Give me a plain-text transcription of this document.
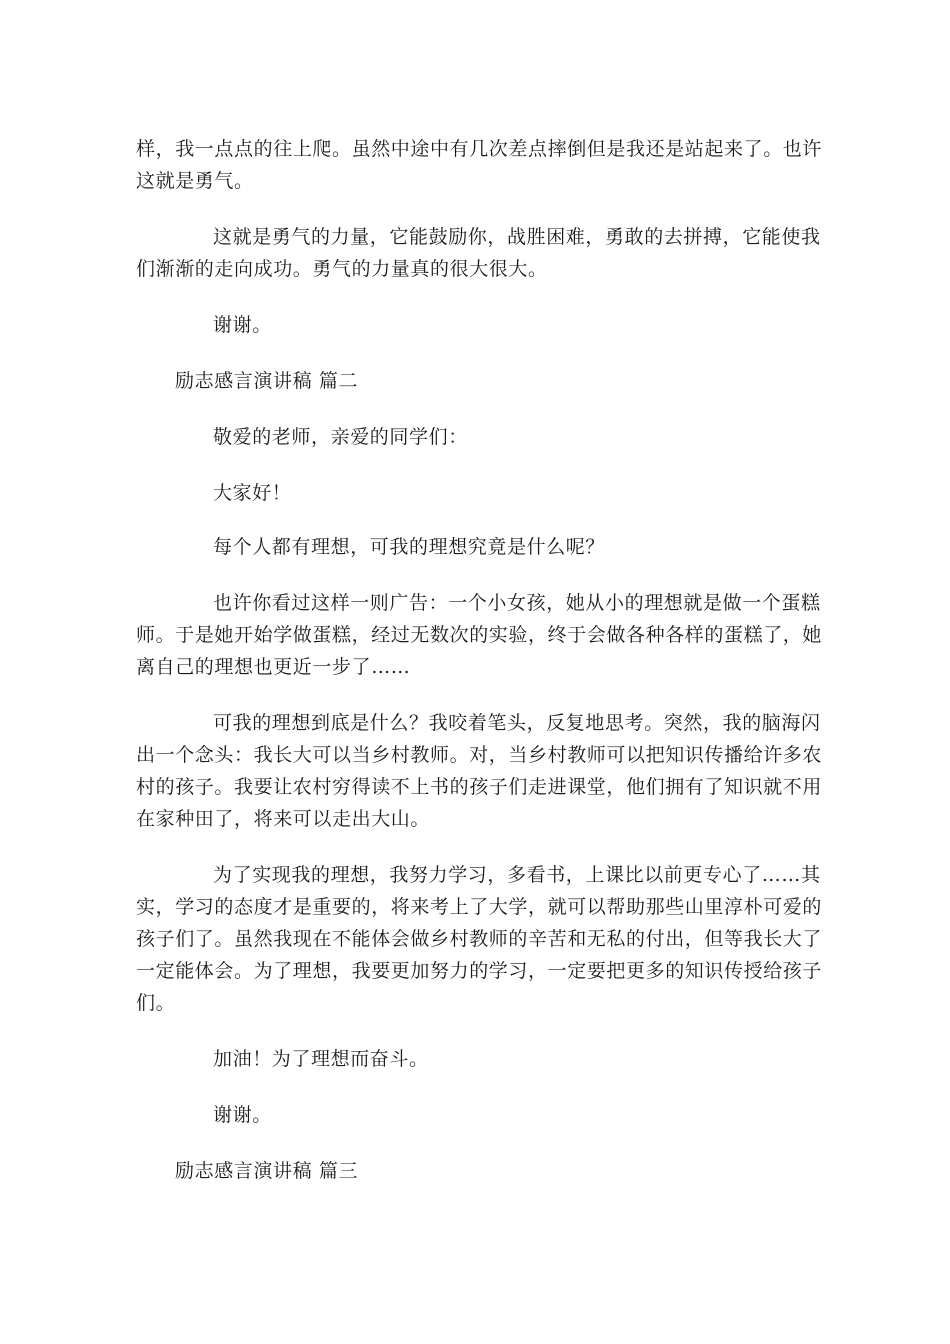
样，我一点点的往上爬。虽然中途中有几次差点摔倒但是我还是站起来了。也许
这就是勇气。
这就是勇气的力量，它能鼓励你，战胜困难，勇敢的去拼搏，它能使我
们渐渐的走向成功。勇气的力量真的很大很大。
谢谢。
励志感言演讲稿 篇二
敬爱的老师，亲爱的同学们：
大家好！
每个人都有理想，可我的理想究竟是什么呢？
也许你看过这样一则广告：一个小女孩，她从小的理想就是做一个蛋糕
师。于是她开始学做蛋糕，经过无数次的实验，终于会做各种各样的蛋糕了，她
离自己的理想也更近一步了……
可我的理想到底是什么？我咬着笔头，反复地思考。突然，我的脑海闪
出一个念头：我长大可以当乡村教师。对，当乡村教师可以把知识传播给许多农
村的孩子。我要让农村穷得读不上书的孩子们走进课堂，他们拥有了知识就不用
在家种田了，将来可以走出大山。
为了实现我的理想，我努力学习，多看书，上课比以前更专心了……其
实，学习的态度才是重要的，将来考上了大学，就可以帮助那些山里淳朴可爱的
孩子们了。虽然我现在不能体会做乡村教师的辛苦和无私的付出，但等我长大了
一定能体会。为了理想，我要更加努力的学习，一定要把更多的知识传授给孩子
们。
加油！为了理想而奋斗。
谢谢。
励志感言演讲稿 篇三
